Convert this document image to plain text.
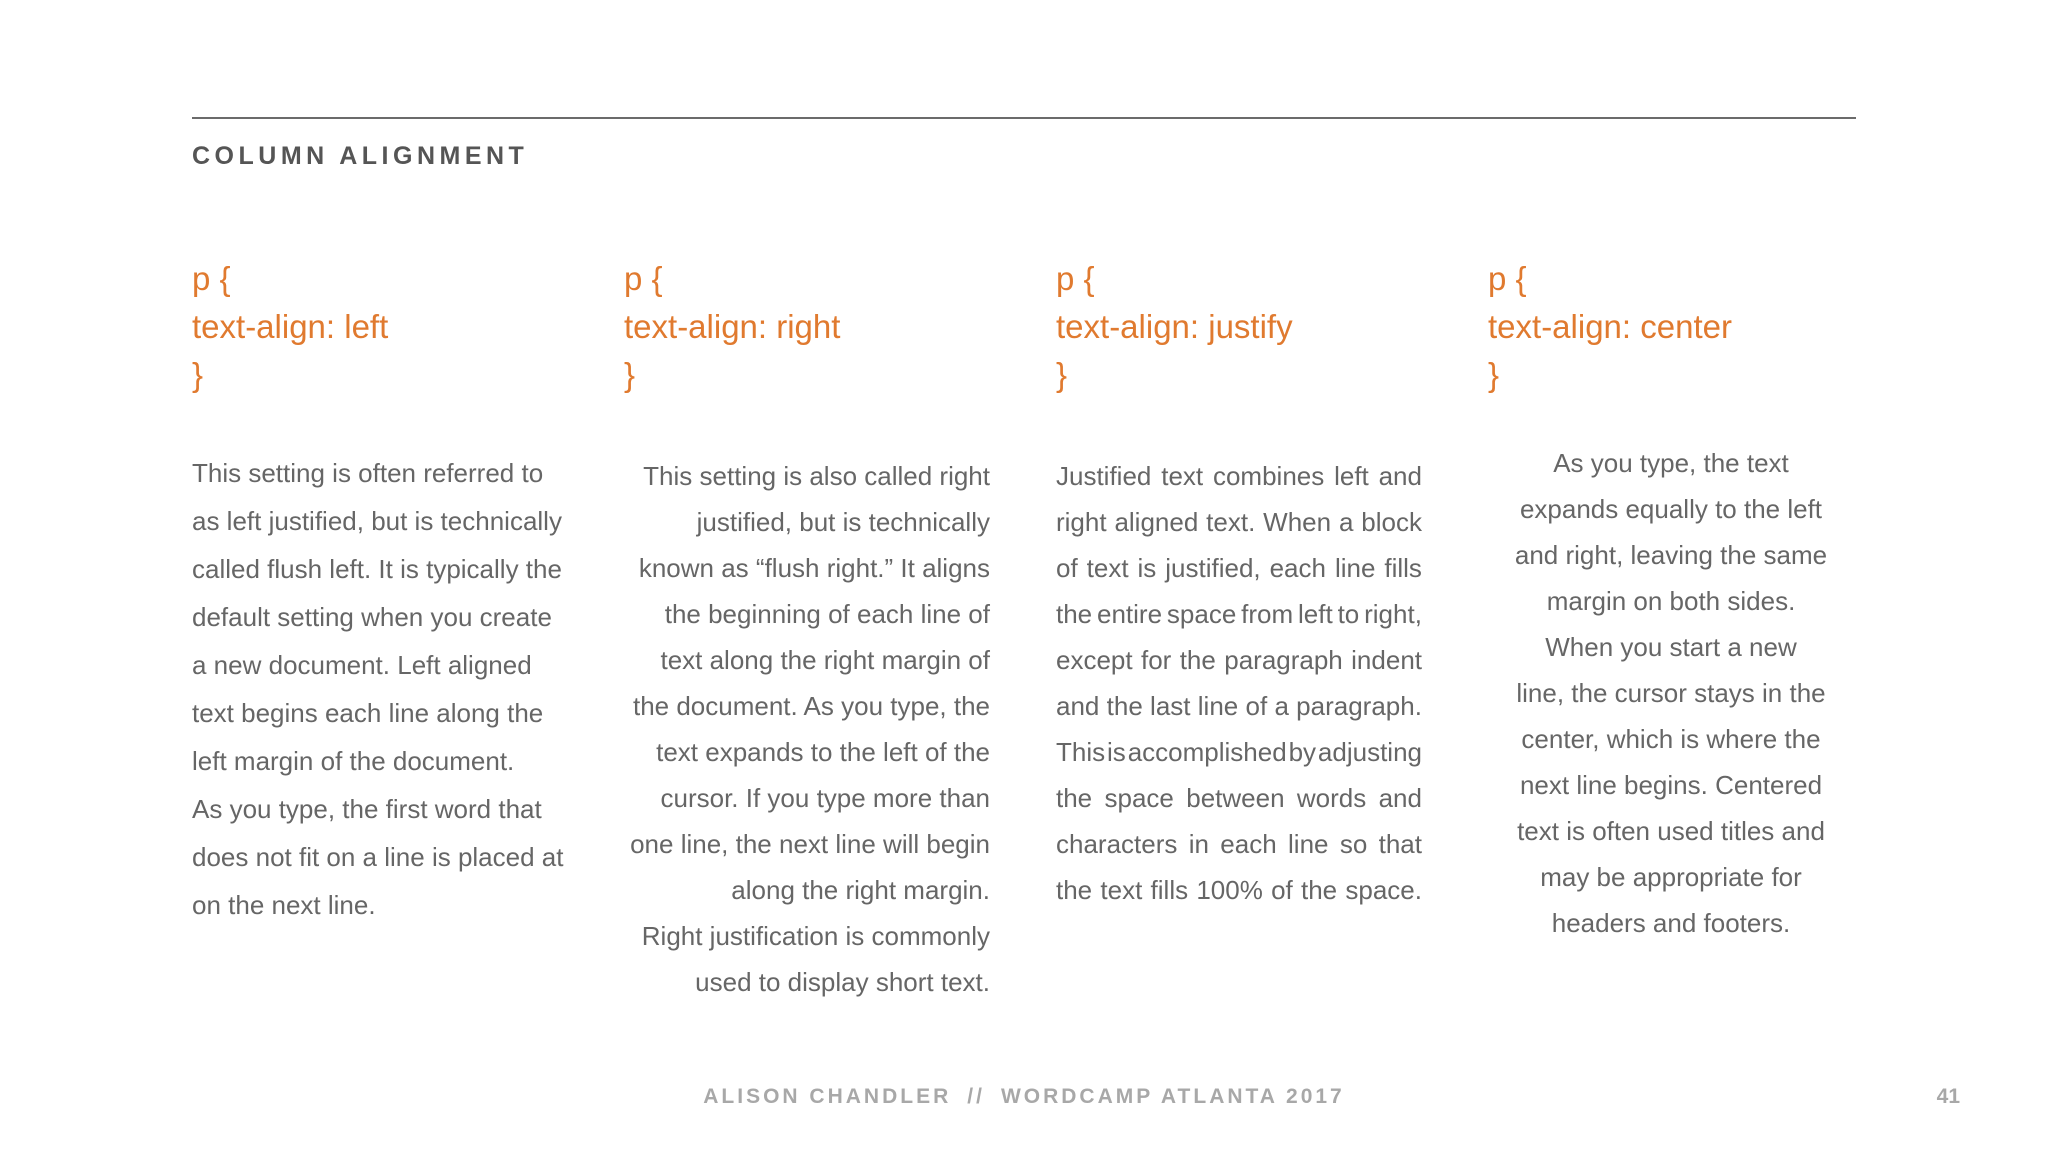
COLUMN ALIGNMENT
p {
text-align: left
}
This setting is often referred to
as left justified, but is technically
called flush left. It is typically the
default setting when you create
a new document. Left aligned
text begins each line along the
left margin of the document.
As you type, the first word that
does not fit on a line is placed at
on the next line.
p {
text-align: right
}
This setting is also called right
justified, but is technically
known as “flush right.” It aligns
the beginning of each line of
text along the right margin of
the document. As you type, the
text expands to the left of the
cursor. If you type more than
one line, the next line will begin
along the right margin.
Right justification is commonly
used to display short text.
p {
text-align: justify
}
Justified text combines left and
right aligned text. When a block
of text is justified, each line fills
the entire space from left to right,
except for the paragraph indent
and the last line of a paragraph.
This is accomplished by adjusting
the space between words and
characters in each line so that
the text fills 100% of the space.
p {
text-align: center
}
As you type, the text
expands equally to the left
and right, leaving the same
margin on both sides.
When you start a new
line, the cursor stays in the
center, which is where the
next line begins. Centered
text is often used titles and
may be appropriate for
headers and footers.
ALISON CHANDLER // WORDCAMP ATLANTA 2017	41
